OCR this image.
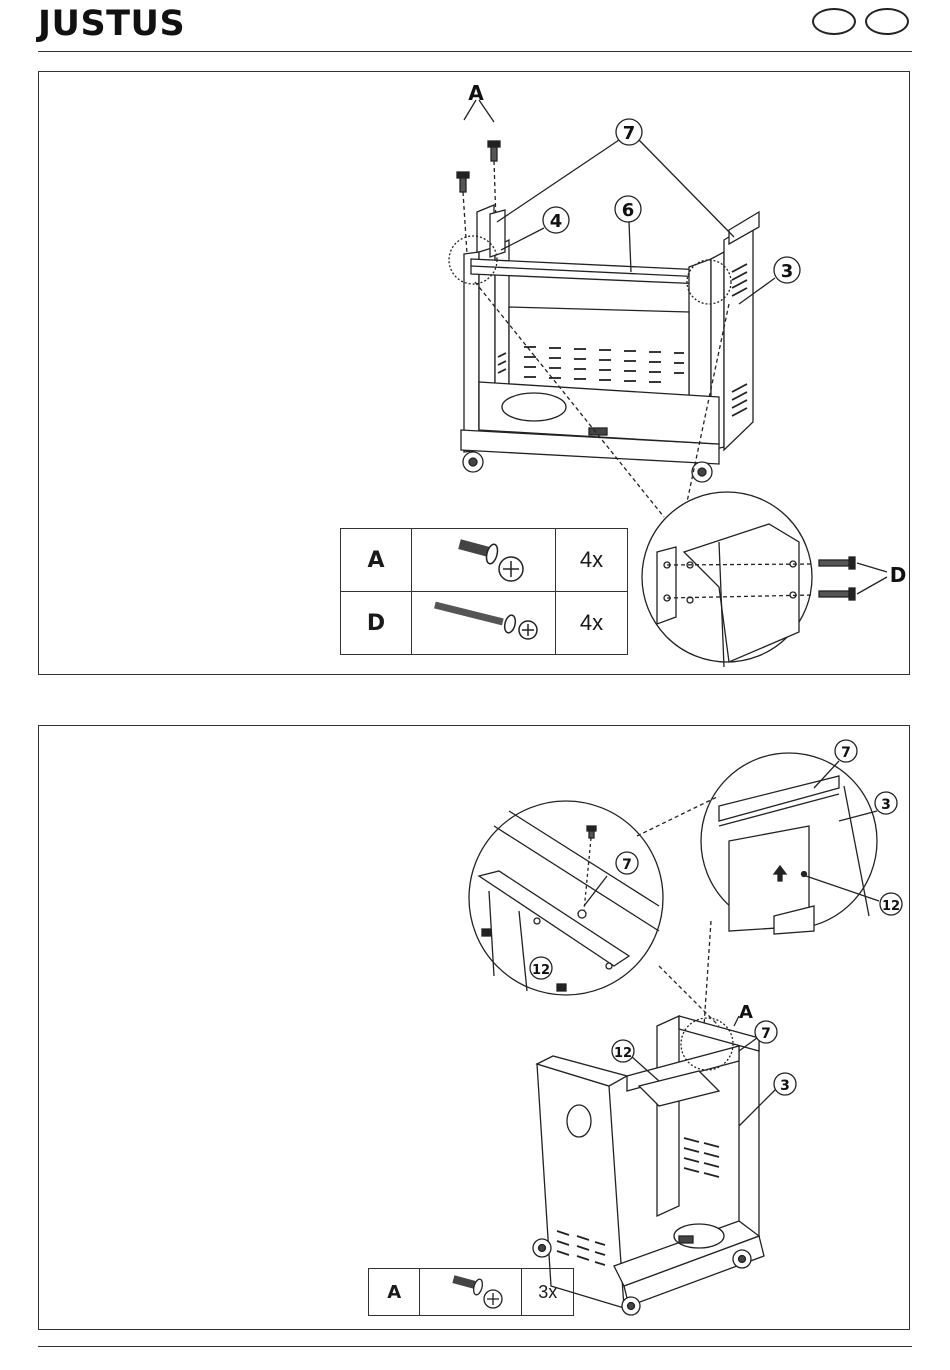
JUSTUS
A
7
6
4
3
D
A		4x
D		4x
7
12
7
3
12
A
7
3
12
A		3x
